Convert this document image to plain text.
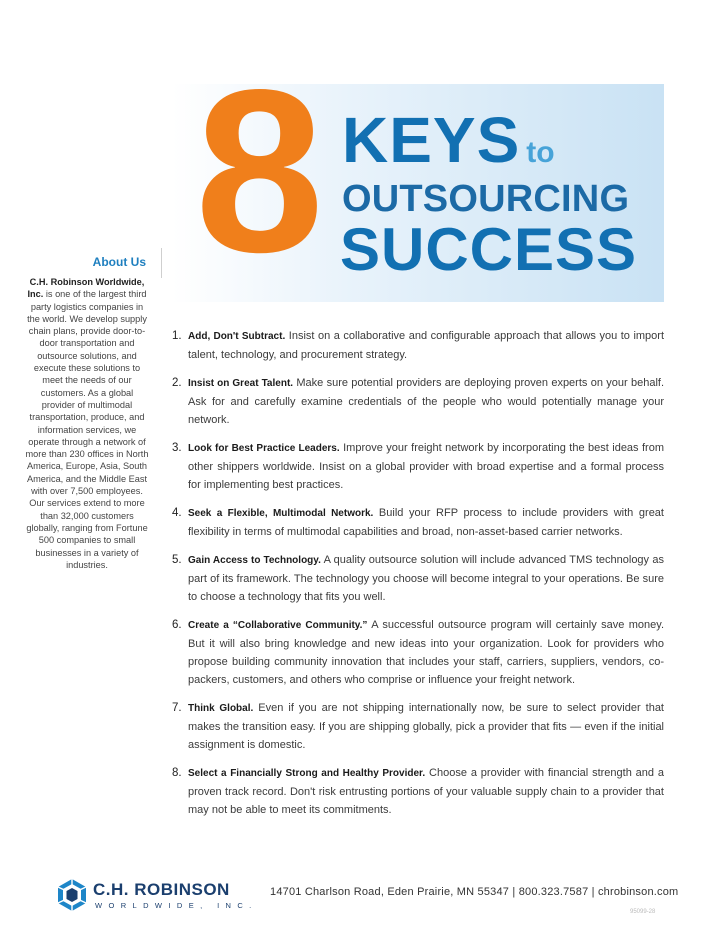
About Us
C.H. Robinson Worldwide, Inc. is one of the largest third party logistics companies in the world. We develop supply chain plans, provide door-to-door transportation and outsource solutions, and execute these solutions to meet the needs of our customers. As a global provider of multimodal transportation, produce, and information services, we operate through a network of more than 230 offices in North America, Europe, Asia, South America, and the Middle East with over 7,500 employees. Our services extend to more than 32,000 customers globally, ranging from Fortune 500 companies to small businesses in a variety of industries.
8 KEYS to
OUTSOURCING
SUCCESS
1. Add, Don't Subtract. Insist on a collaborative and configurable approach that allows you to import talent, technology, and procurement strategy.
2. Insist on Great Talent. Make sure potential providers are deploying proven experts on your behalf. Ask for and carefully examine credentials of the people who would potentially manage your network.
3. Look for Best Practice Leaders. Improve your freight network by incorporating the best ideas from other shippers worldwide. Insist on a global provider with broad expertise and a formal process for implementing best practices.
4. Seek a Flexible, Multimodal Network. Build your RFP process to include providers with great flexibility in terms of multimodal capabilities and broad, non-asset-based carrier networks.
5. Gain Access to Technology. A quality outsource solution will include advanced TMS technology as part of its framework. The technology you choose will become integral to your operations. Be sure to choose a technology that fits you well.
6. Create a “Collaborative Community.” A successful outsource program will certainly save money. But it will also bring knowledge and new ideas into your organization. Look for providers who propose building community innovation that includes your staff, carriers, suppliers, vendors, co-packers, customers, and others who comprise or influence your freight network.
7. Think Global. Even if you are not shipping internationally now, be sure to select provider that makes the transition easy. If you are shipping globally, pick a provider that fits — even if the initial assignment is domestic.
8. Select a Financially Strong and Healthy Provider. Choose a provider with financial strength and a proven track record. Don't risk entrusting portions of your valuable supply chain to a provider that may not be able to meet its commitments.
C.H. ROBINSON
WORLDWIDE, INC.
14701 Charlson Road, Eden Prairie, MN 55347 | 800.323.7587 | chrobinson.com
95099-28
